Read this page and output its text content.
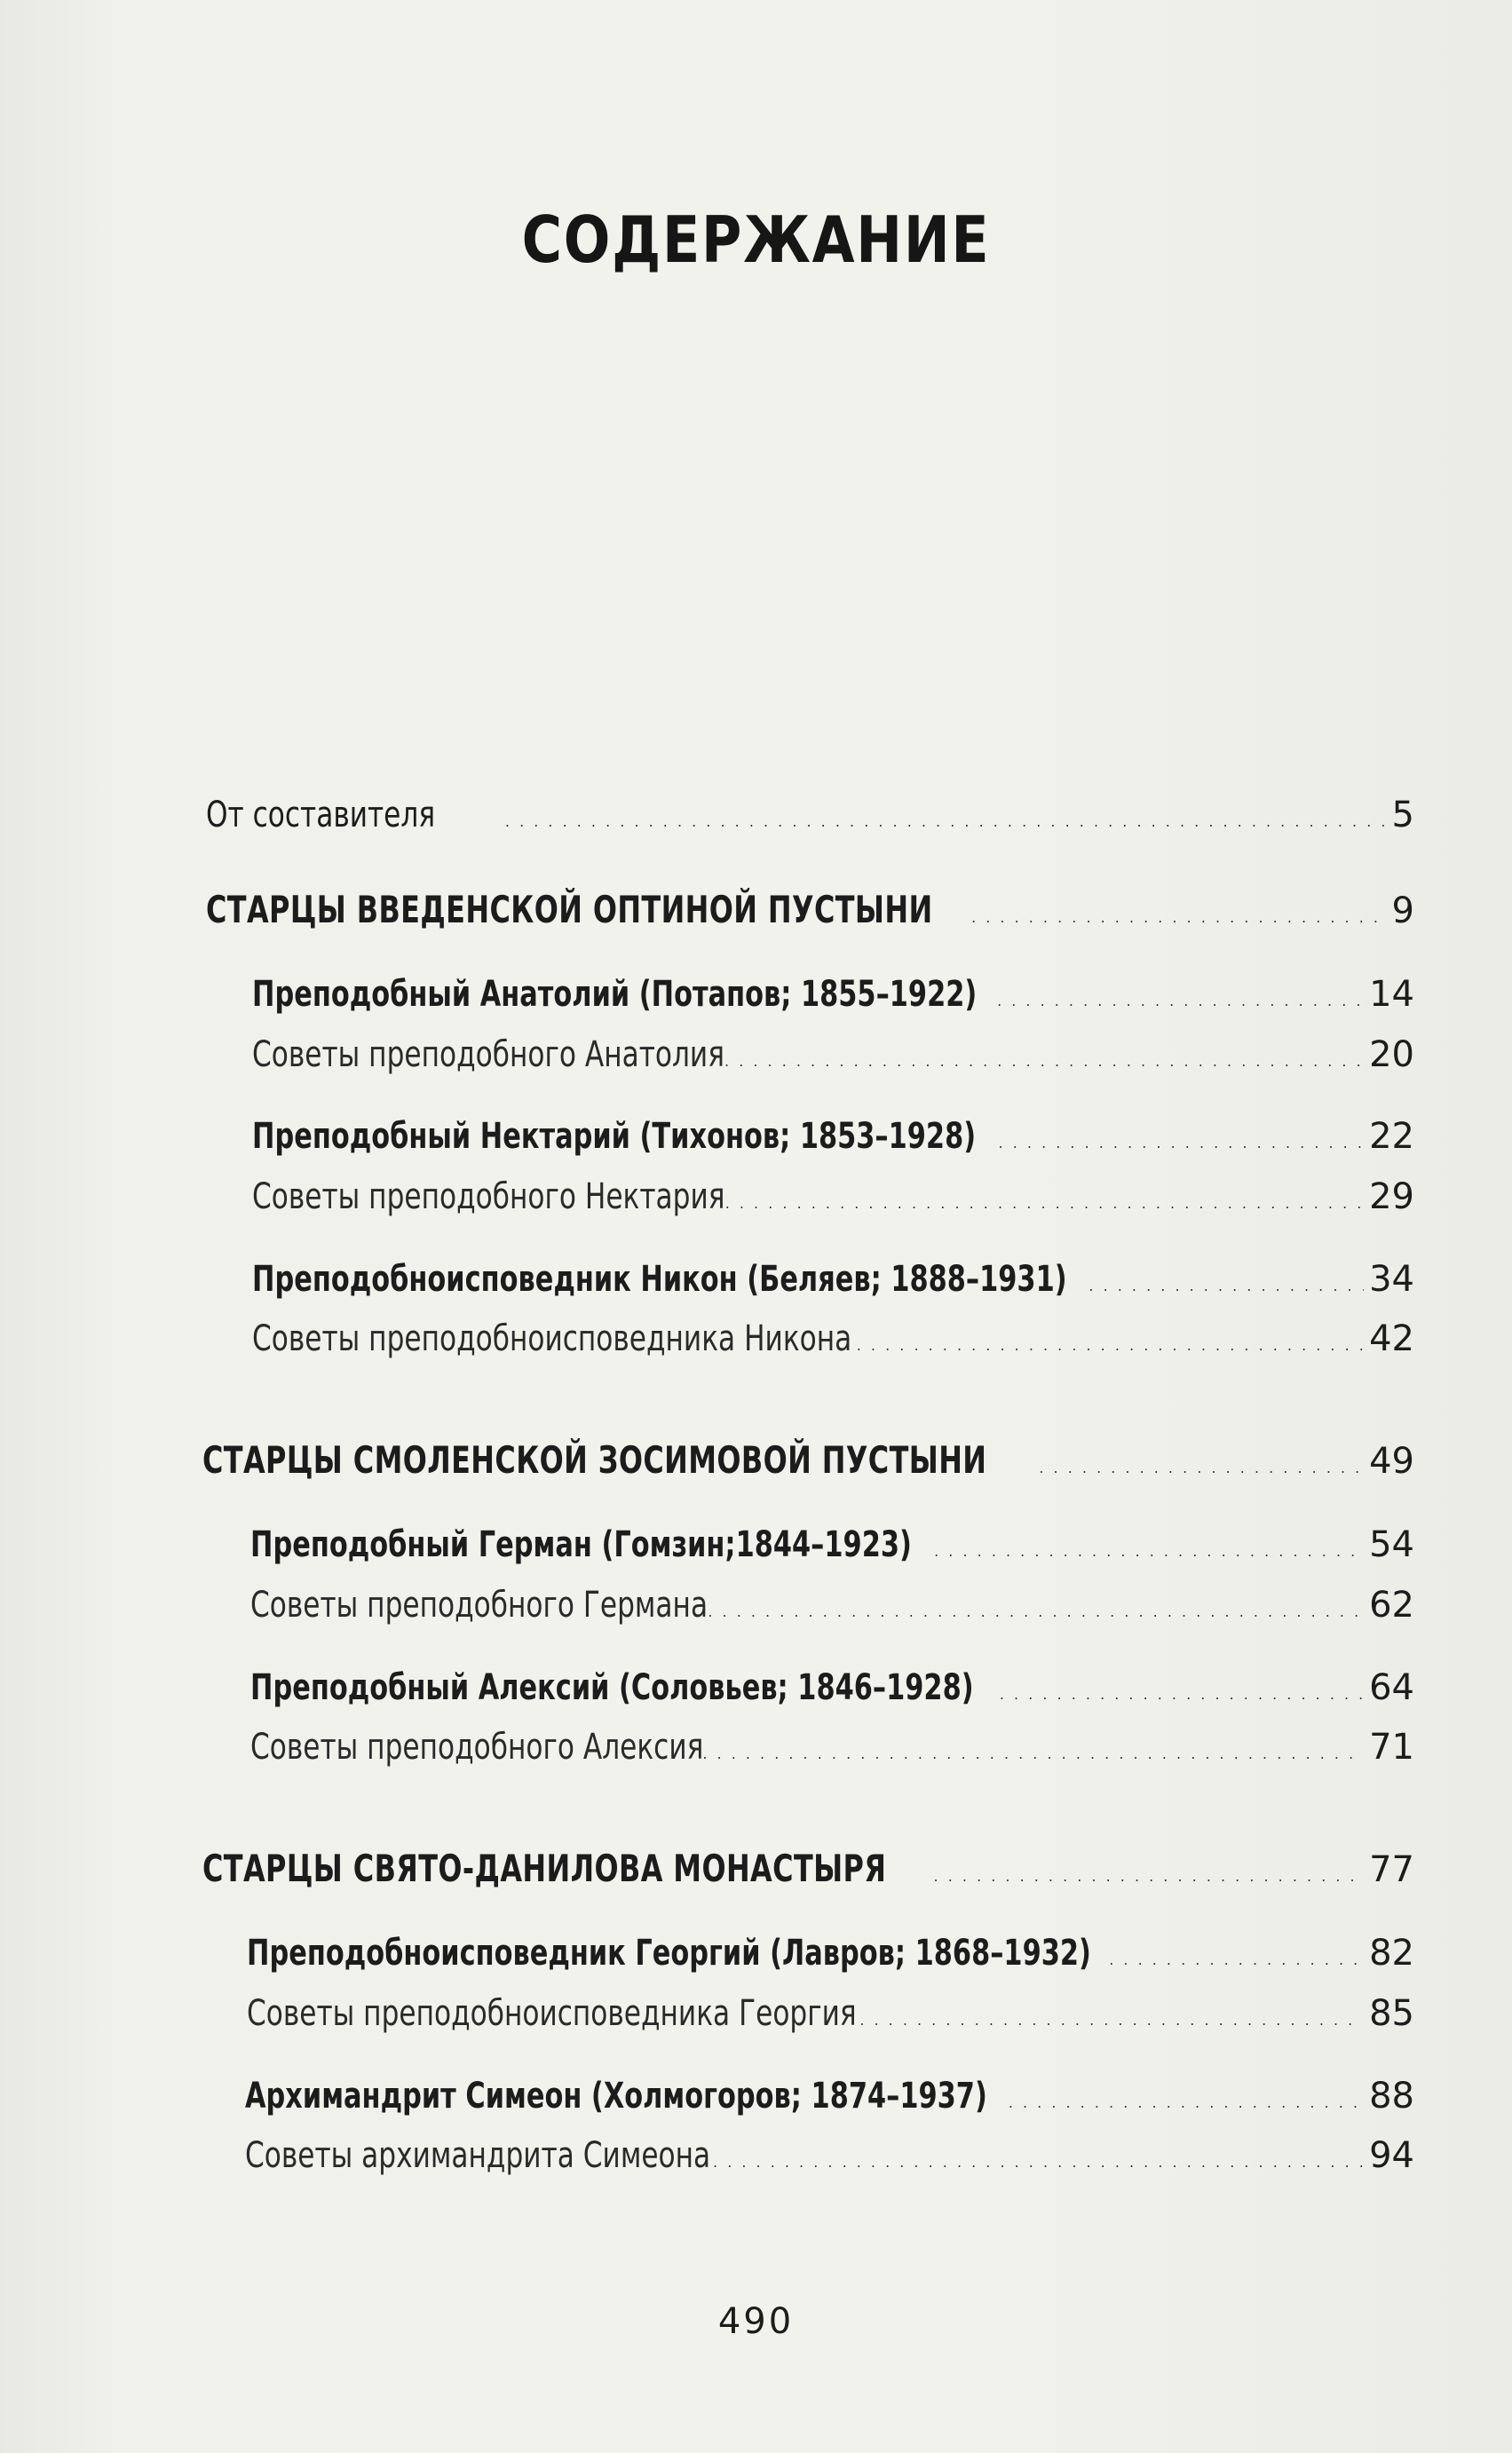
СОДЕРЖАНИЕ
От составителя . . .	5
СТАРЦЫ ВВЕДЕНСКОЙ ОПТИНОЙ ПУСТЫНИ . . .	9
Преподобный Анатолий (Потапов; 1855–1922) . . .	14
Советы преподобного Анатолия . . .	20
Преподобный Нектарий (Тихонов; 1853–1928) . . .	22
Советы преподобного Нектария . . .	29
Преподобноисповедник Никон (Беляев; 1888–1931) . . .	34
Советы преподобноисповедника Никона . . .	42
СТАРЦЫ СМОЛЕНСКОЙ ЗОСИМОВОЙ ПУСТЫНИ . . .	49
Преподобный Герман (Гомзин;1844–1923) . . .	54
Советы преподобного Германа . . .	62
Преподобный Алексий (Соловьев; 1846–1928) . . .	64
Советы преподобного Алексия . . .	71
СТАРЦЫ СВЯТО-ДАНИЛОВА МОНАСТЫРЯ . . .	77
Преподобноисповедник Георгий (Лавров; 1868–1932) . . .	82
Советы преподобноисповедника Георгия . . .	85
Архимандрит Симеон (Холмогоров; 1874–1937) . . .	88
Советы архимандрита Симеона . . .	94
490
